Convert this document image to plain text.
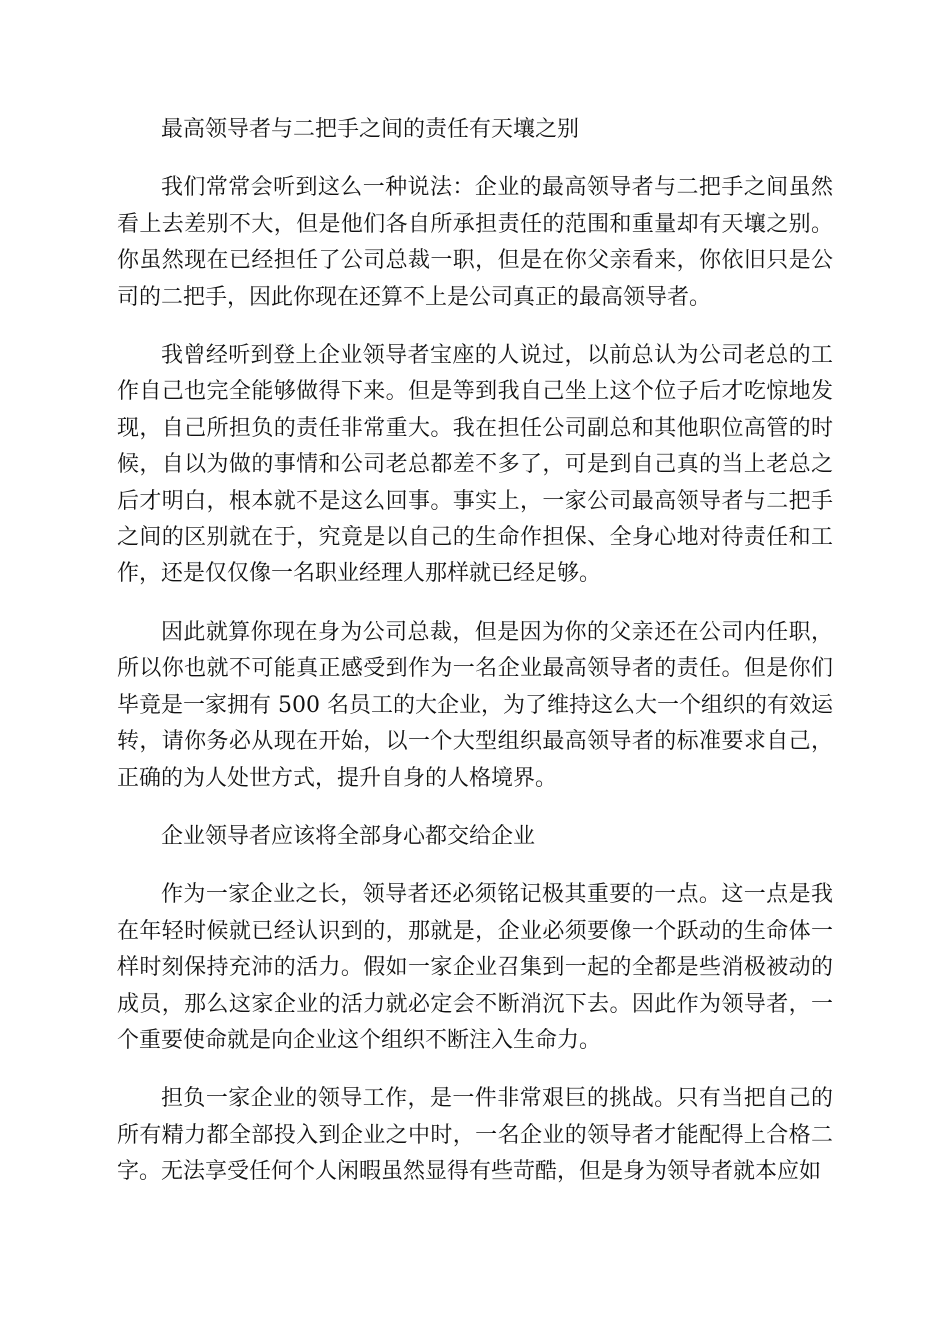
最高领导者与二把手之间的责任有天壤之别

我们常常会听到这么一种说法：企业的最高领导者与二把手之间虽然看上去差别不大，但是他们各自所承担责任的范围和重量却有天壤之别。你虽然现在已经担任了公司总裁一职，但是在你父亲看来，你依旧只是公司的二把手，因此你现在还算不上是公司真正的最高领导者。

我曾经听到登上企业领导者宝座的人说过，以前总认为公司老总的工作自己也完全能够做得下来。但是等到我自己坐上这个位子后才吃惊地发现，自己所担负的责任非常重大。我在担任公司副总和其他职位高管的时候，自以为做的事情和公司老总都差不多了，可是到自己真的当上老总之后才明白，根本就不是这么回事。事实上，一家公司最高领导者与二把手之间的区别就在于，究竟是以自己的生命作担保、全身心地对待责任和工作，还是仅仅像一名职业经理人那样就已经足够。

因此就算你现在身为公司总裁，但是因为你的父亲还在公司内任职，所以你也就不可能真正感受到作为一名企业最高领导者的责任。但是你们毕竟是一家拥有 500 名员工的大企业，为了维持这么大一个组织的有效运转，请你务必从现在开始，以一个大型组织最高领导者的标准要求自己，正确的为人处世方式，提升自身的人格境界。

企业领导者应该将全部身心都交给企业

作为一家企业之长，领导者还必须铭记极其重要的一点。这一点是我在年轻时候就已经认识到的，那就是，企业必须要像一个跃动的生命体一样时刻保持充沛的活力。假如一家企业召集到一起的全都是些消极被动的成员，那么这家企业的活力就必定会不断消沉下去。因此作为领导者，一个重要使命就是向企业这个组织不断注入生命力。

担负一家企业的领导工作，是一件非常艰巨的挑战。只有当把自己的所有精力都全部投入到企业之中时，一名企业的领导者才能配得上合格二字。无法享受任何个人闲暇虽然显得有些苛酷，但是身为领导者就本应如
